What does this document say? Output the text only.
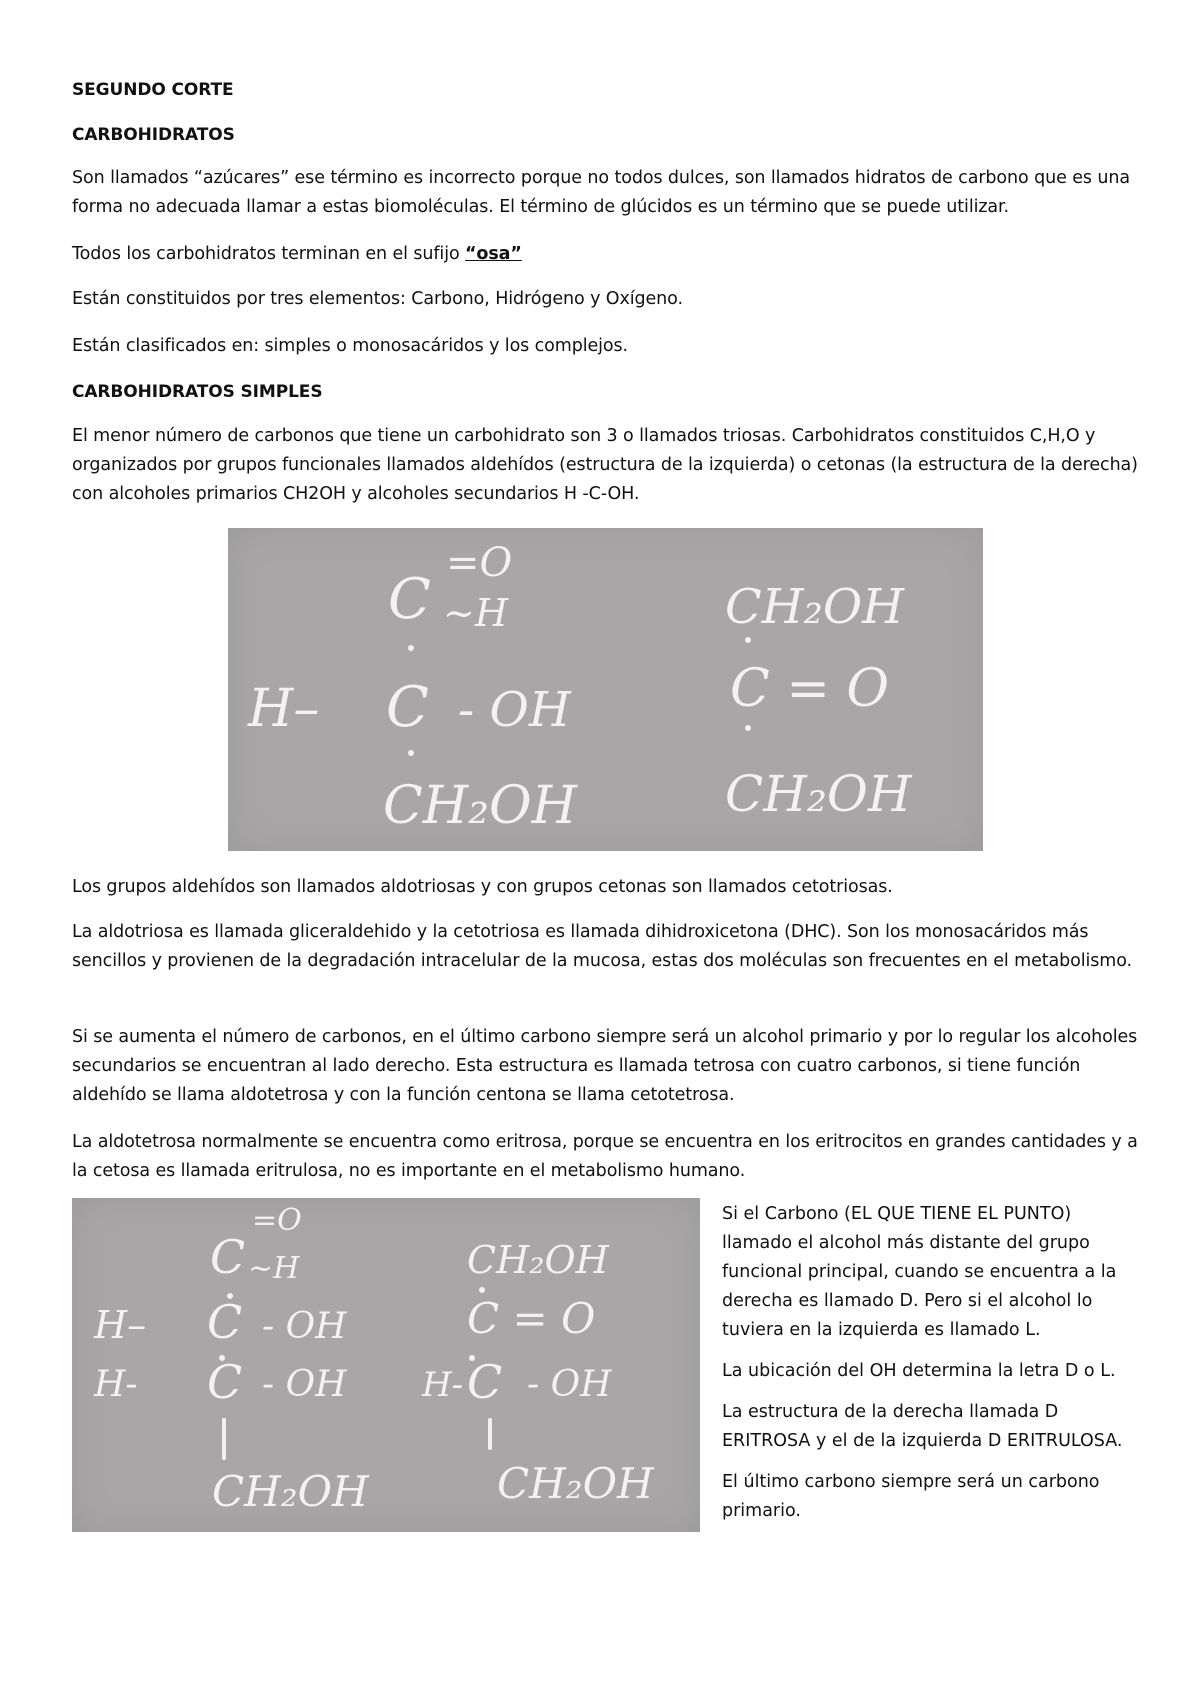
SEGUNDO CORTE
CARBOHIDRATOS
Son llamados “azúcares” ese término es incorrecto porque no todos dulces, son llamados hidratos de carbono que es una forma no adecuada llamar a estas biomoléculas. El término de glúcidos es un término que se puede utilizar.
Todos los carbohidratos terminan en el sufijo “osa”
Están constituidos por tres elementos: Carbono, Hidrógeno y Oxígeno.
Están clasificados en: simples o monosacáridos y los complejos.
CARBOHIDRATOS SIMPLES
El menor número de carbonos que tiene un carbohidrato son 3 o llamados triosas. Carbohidratos constituidos C,H,O y organizados por grupos funcionales llamados aldehídos (estructura de la izquierda) o cetonas (la estructura de la derecha) con alcoholes primarios CH2OH y alcoholes secundarios H -C-OH.
C
=O
~H
H– C - OH
CH₂OH
CH₂OH
C = O
CH₂OH
Los grupos aldehídos son llamados aldotriosas y con grupos cetonas son llamados cetotriosas.
La aldotriosa es llamada gliceraldehido y la cetotriosa es llamada dihidroxicetona (DHC). Son los monosacáridos más sencillos y provienen de la degradación intracelular de la mucosa, estas dos moléculas son frecuentes en el metabolismo.
Si se aumenta el número de carbonos, en el último carbono siempre será un alcohol primario y por lo regular los alcoholes secundarios se encuentran al lado derecho. Esta estructura es llamada tetrosa con cuatro carbonos, si tiene función aldehído se llama aldotetrosa y con la función centona se llama cetotetrosa.
La aldotetrosa normalmente se encuentra como eritrosa, porque se encuentra en los eritrocitos en grandes cantidades y a la cetosa es llamada eritrulosa, no es importante en el metabolismo humano.
=O
C ~H
H– C - OH
H- C - OH
CH₂OH
CH₂OH
C = O
H- C - OH
CH₂OH

Si el Carbono (EL QUE TIENE EL PUNTO) llamado el alcohol más distante del grupo funcional principal, cuando se encuentra a la derecha es llamado D. Pero si el alcohol lo tuviera en la izquierda es llamado L.

La ubicación del OH determina la letra D o L.

La estructura de la derecha llamada D ERITROSA y el de la izquierda D ERITRULOSA.

El último carbono siempre será un carbono primario.
